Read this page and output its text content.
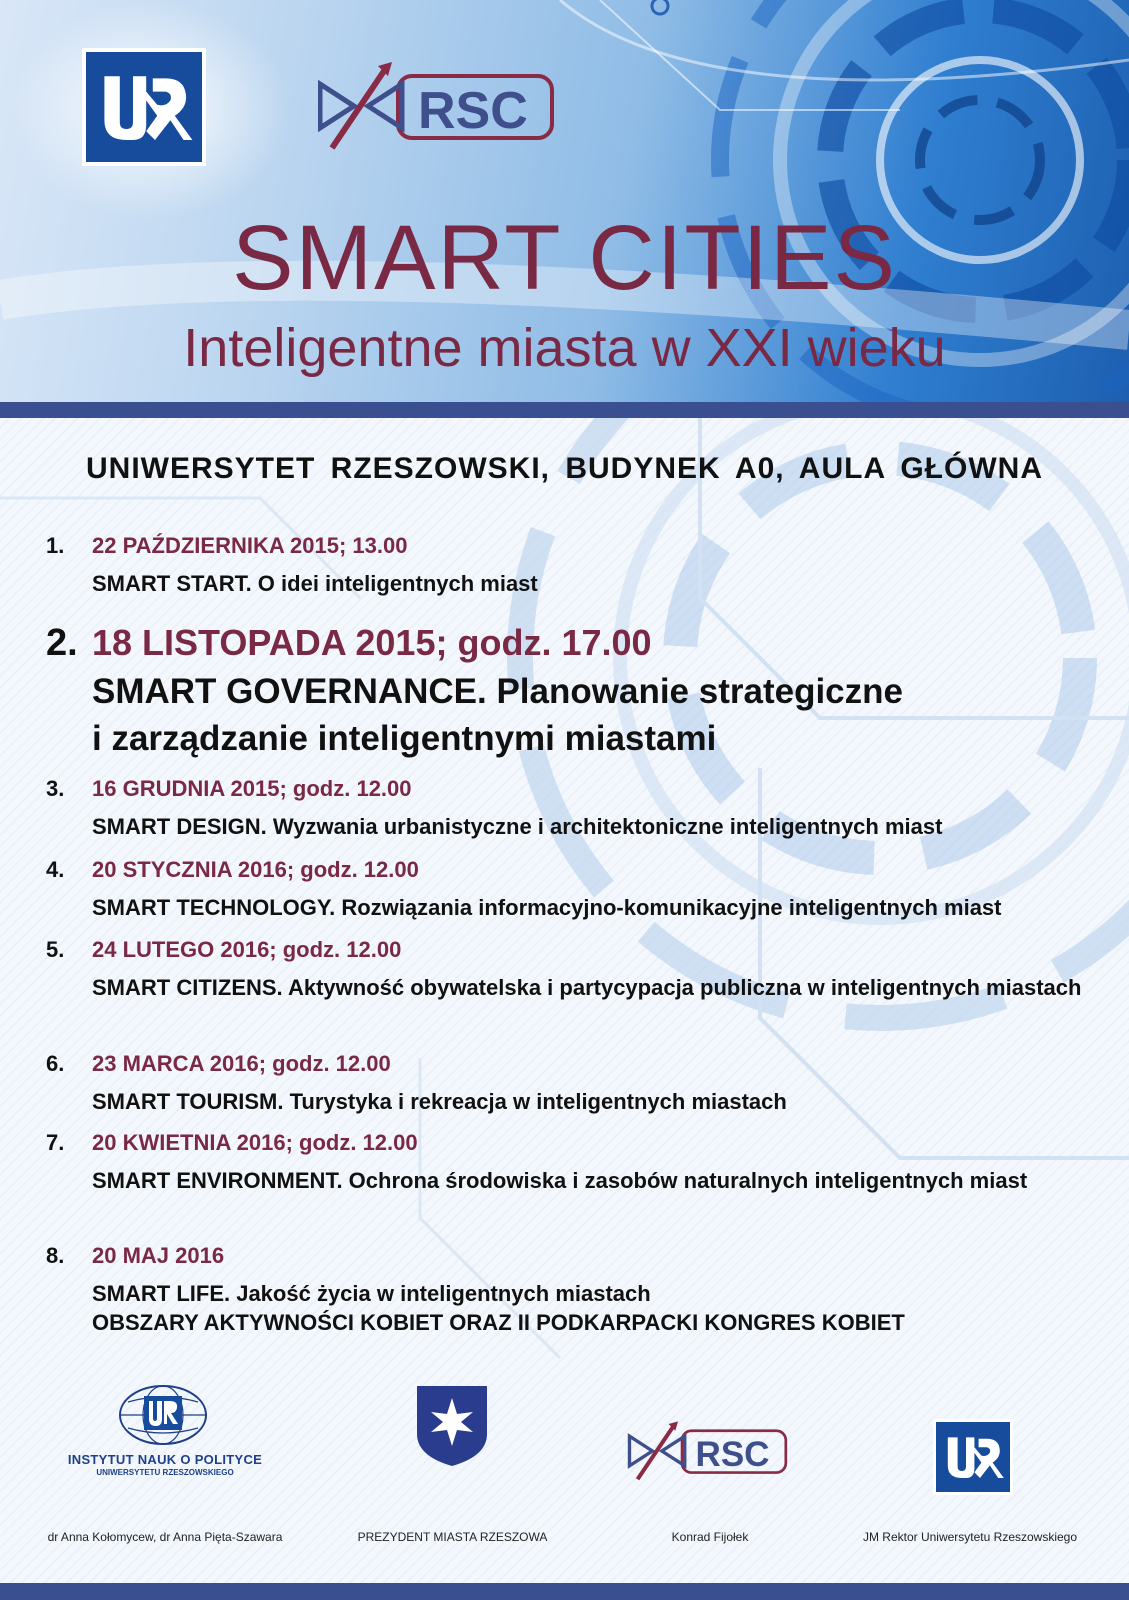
RSC
SMART CITIES
Inteligentne miasta w XXI wieku
UNIWERSYTET RZESZOWSKI, BUDYNEK A0, AULA GŁÓWNA
1. 22 PAŹDZIERNIKA 2015; 13.00
SMART START. O idei inteligentnych miast
2. 18 LISTOPADA 2015; godz. 17.00
SMART GOVERNANCE. Planowanie strategiczne
i zarządzanie inteligentnymi miastami
3. 16 GRUDNIA 2015; godz. 12.00
SMART DESIGN. Wyzwania urbanistyczne i architektoniczne inteligentnych miast
4. 20 STYCZNIA 2016; godz. 12.00
SMART TECHNOLOGY. Rozwiązania informacyjno-komunikacyjne inteligentnych miast
5. 24 LUTEGO 2016; godz. 12.00
SMART CITIZENS. Aktywność obywatelska i partycypacja publiczna w inteligentnych miastach
6. 23 MARCA 2016; godz. 12.00
SMART TOURISM. Turystyka i rekreacja w inteligentnych miastach
7. 20 KWIETNIA 2016; godz. 12.00
SMART ENVIRONMENT. Ochrona środowiska i zasobów naturalnych inteligentnych miast
8. 20 MAJ 2016
SMART LIFE. Jakość życia w inteligentnych miastach
OBSZARY AKTYWNOŚCI KOBIET ORAZ II PODKARPACKI KONGRES KOBIET
INSTYTUT NAUK O POLITYCE
UNIWERSYTETU RZESZOWSKIEGO	RSC
dr Anna Kołomycew, dr Anna Pięta-Szawara	PREZYDENT MIASTA RZESZOWA	Konrad Fijołek	JM Rektor Uniwersytetu Rzeszowskiego
